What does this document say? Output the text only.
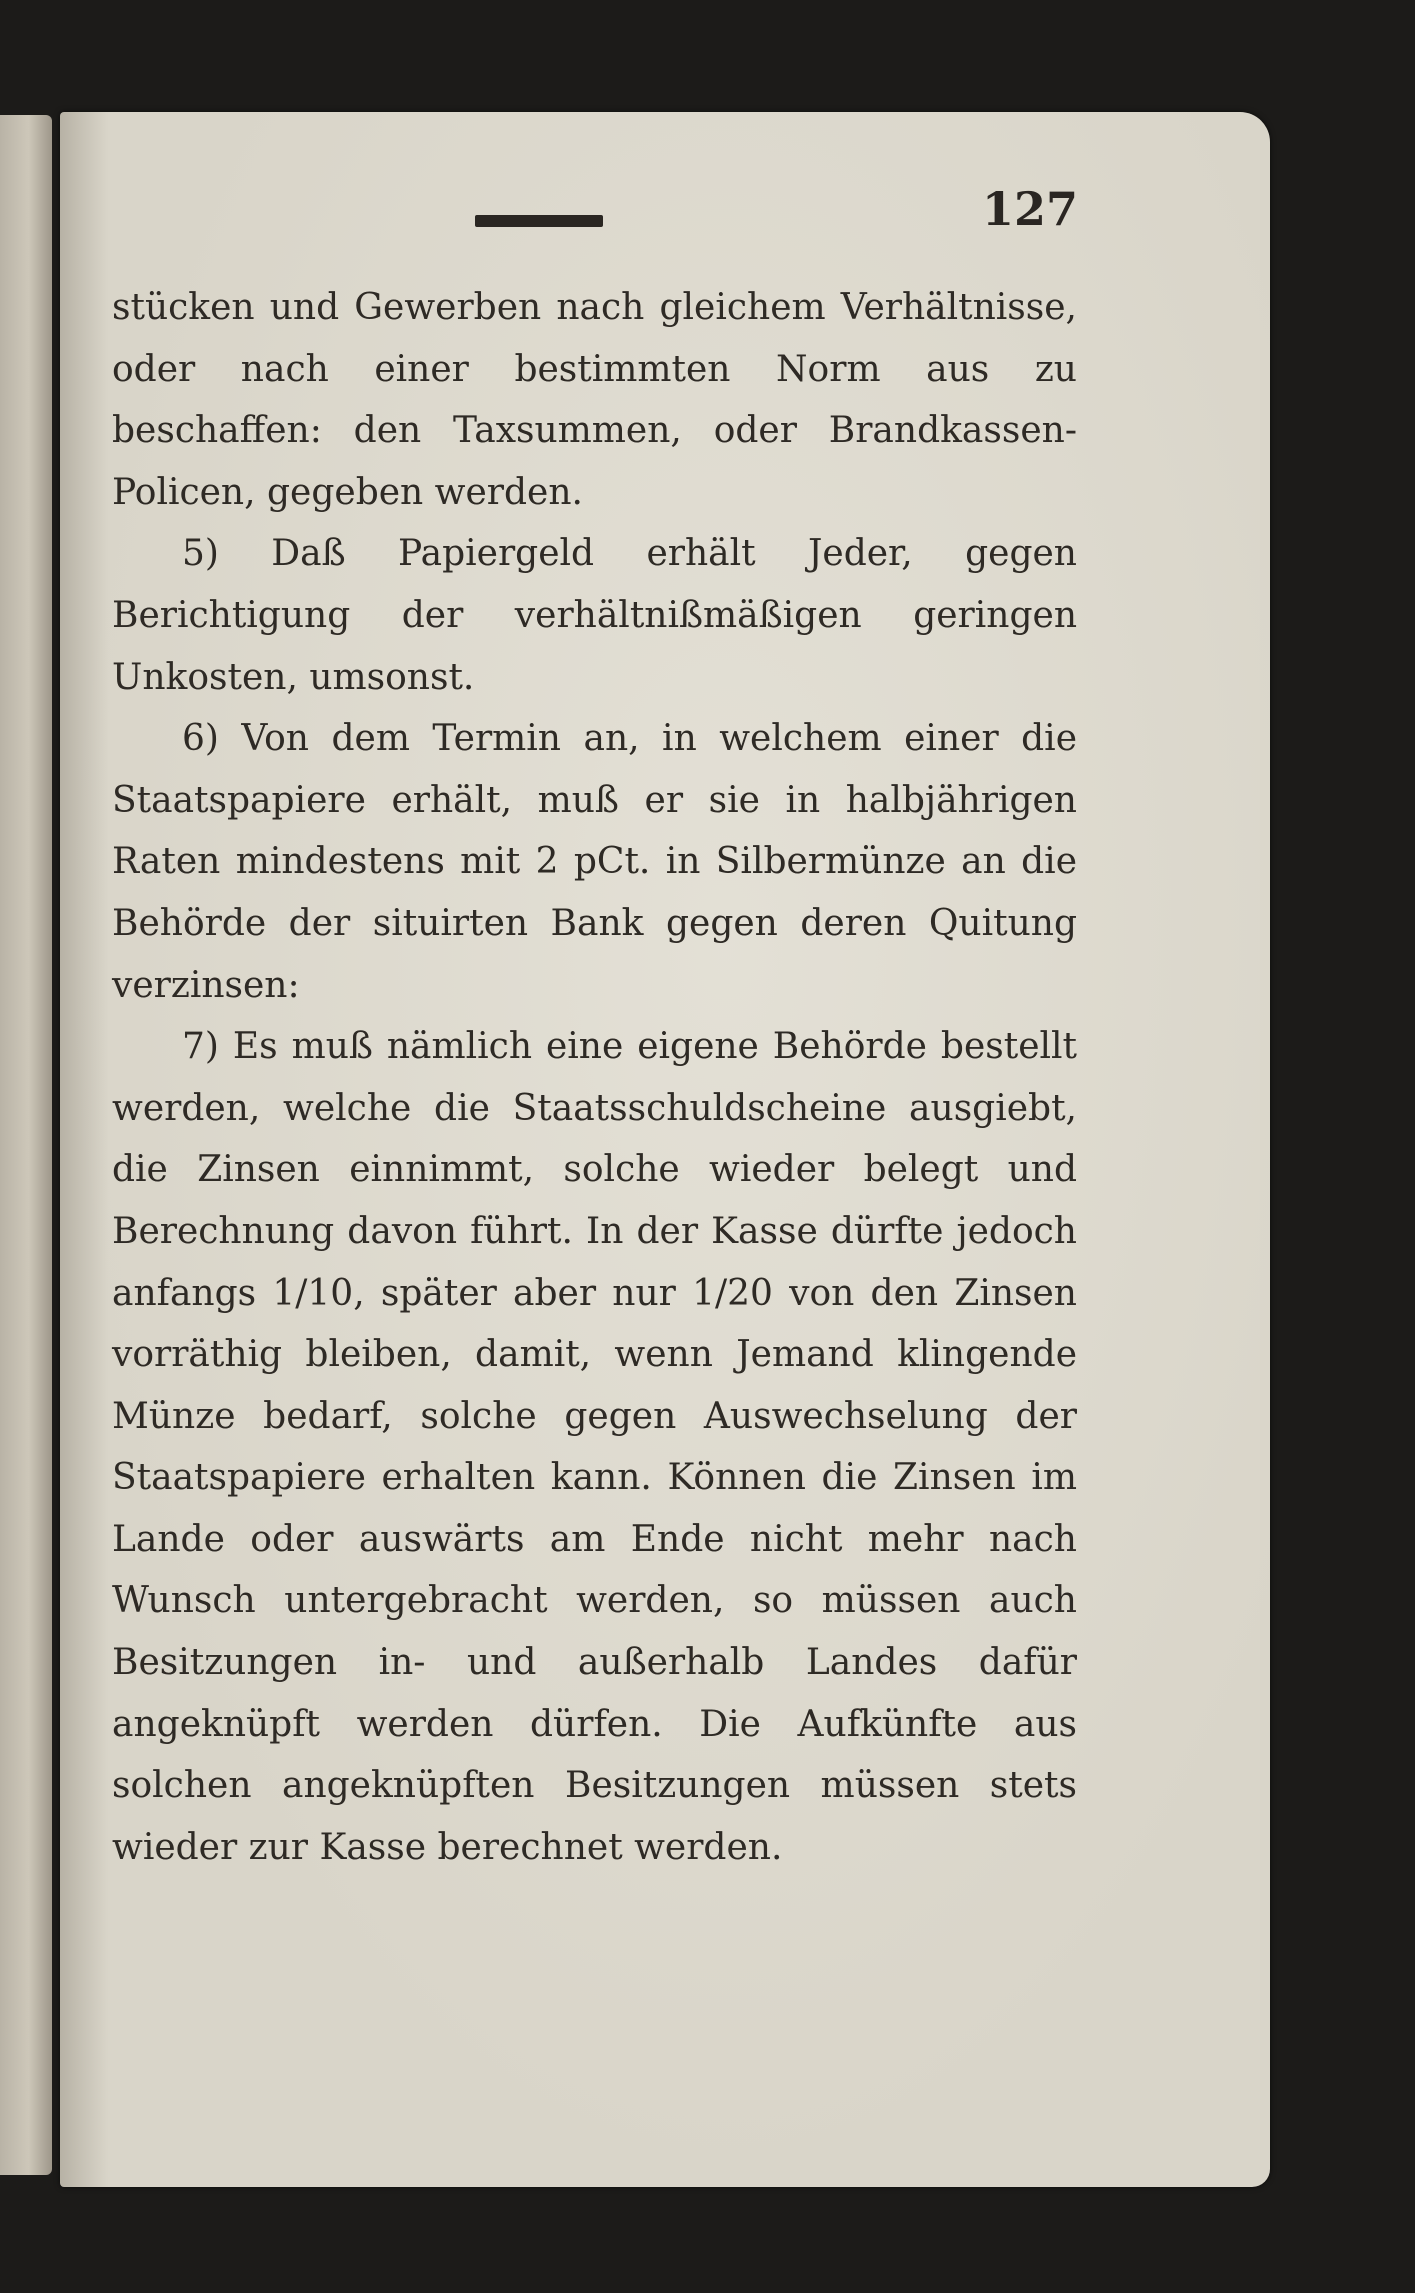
127

stücken und Gewerben nach gleichem Verhältnisse, oder nach einer bestimmten Norm aus zu beschaffen: den Taxsummen, oder Brandkassen-Policen, gegeben werden.

5) Daß Papiergeld erhält Jeder, gegen Berichtigung der verhältnißmäßigen geringen Unkosten, umsonst.

6) Von dem Termin an, in welchem einer die Staatspapiere erhält, muß er sie in halbjährigen Raten mindestens mit 2 pCt. in Silbermünze an die Behörde der situirten Bank gegen deren Quitung verzinsen:

7) Es muß nämlich eine eigene Behörde bestellt werden, welche die Staatsschuldscheine ausgiebt, die Zinsen einnimmt, solche wieder belegt und Berechnung davon führt. In der Kasse dürfte jedoch anfangs 1/10, später aber nur 1/20 von den Zinsen vorräthig bleiben, damit, wenn Jemand klingende Münze bedarf, solche gegen Auswechselung der Staatspapiere erhalten kann. Können die Zinsen im Lande oder auswärts am Ende nicht mehr nach Wunsch untergebracht werden, so müssen auch Besitzungen in- und außerhalb Landes dafür angeknüpft werden dürfen. Die Aufkünfte aus solchen angeknüpften Besitzungen müssen stets wieder zur Kasse berechnet werden.
